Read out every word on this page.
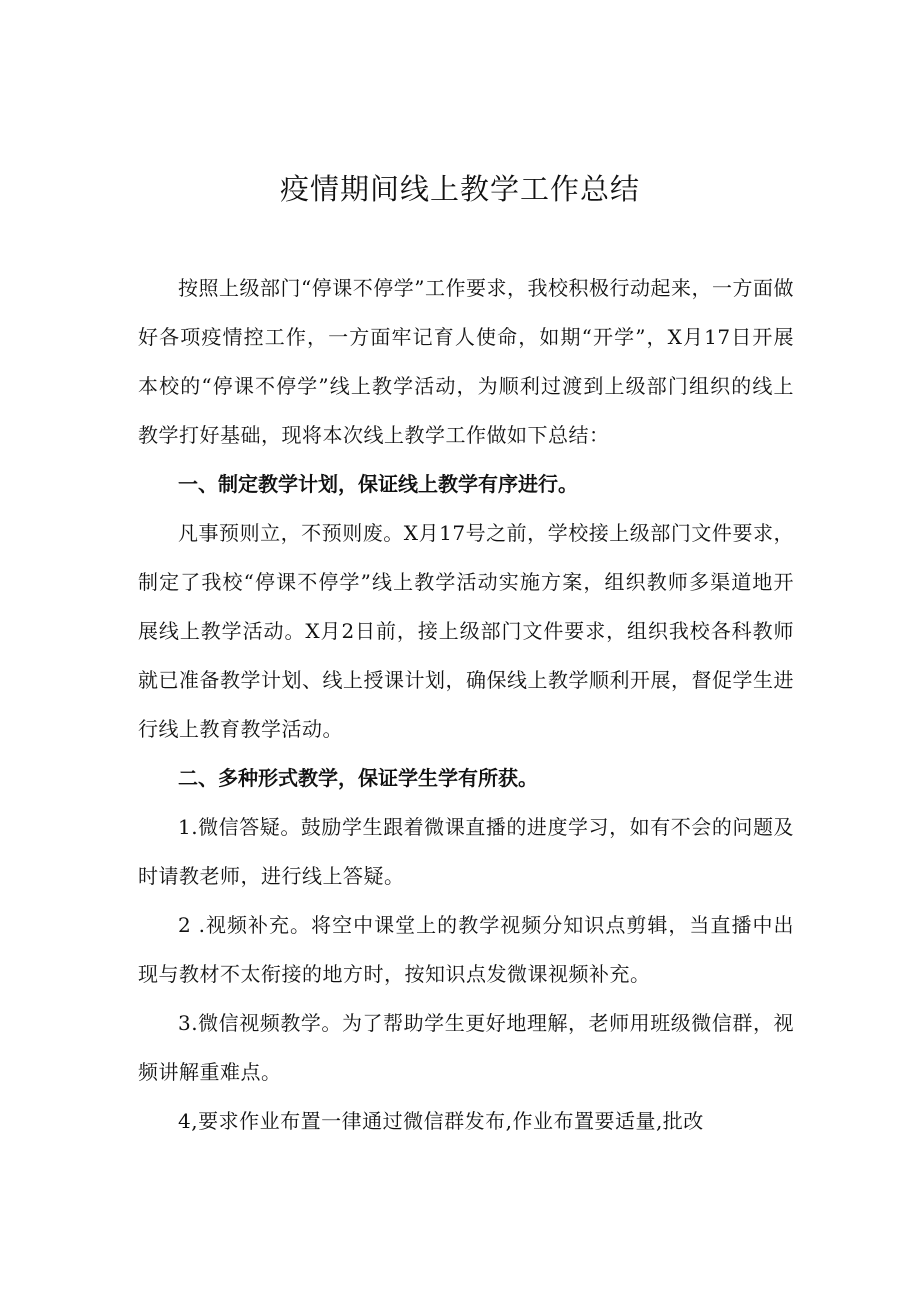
疫情期间线上教学工作总结

按照上级部门“停课不停学”工作要求，我校积极行动起来，一方面做好各项疫情控工作，一方面牢记育人使命，如期“开学”，X月17日开展本校的“停课不停学”线上教学活动，为顺利过渡到上级部门组织的线上教学打好基础，现将本次线上教学工作做如下总结：

一、制定教学计划，保证线上教学有序进行。

凡事预则立，不预则废。X月17号之前，学校接上级部门文件要求，制定了我校“停课不停学”线上教学活动实施方案，组织教师多渠道地开展线上教学活动。X月2日前，接上级部门文件要求，组织我校各科教师就已准备教学计划、线上授课计划，确保线上教学顺利开展，督促学生进行线上教育教学活动。

二、多种形式教学，保证学生学有所获。

1.微信答疑。鼓励学生跟着微课直播的进度学习，如有不会的问题及时请教老师，进行线上答疑。

2 .视频补充。将空中课堂上的教学视频分知识点剪辑，当直播中出现与教材不太衔接的地方时，按知识点发微课视频补充。

3.微信视频教学。为了帮助学生更好地理解，老师用班级微信群，视频讲解重难点。

4,要求作业布置一律通过微信群发布,作业布置要适量,批改
